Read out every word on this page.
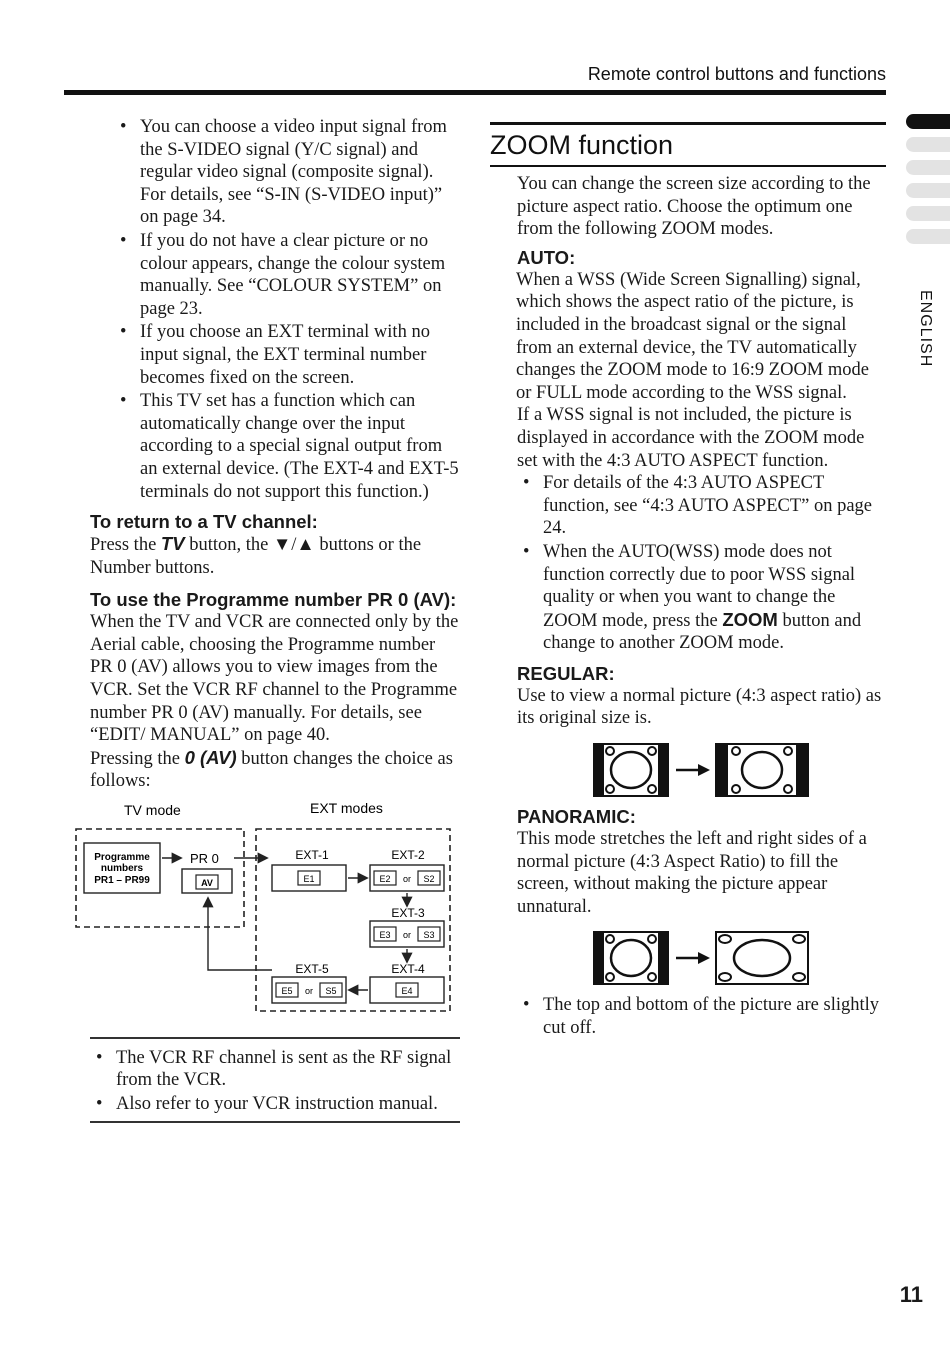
Remote control buttons and functions
ENGLISH
• You can choose a video input signal from the S-VIDEO signal (Y/C signal) and regular video signal (composite signal). For details, see “S-IN (S-VIDEO input)” on page 34.
• If you do not have a clear picture or no colour appears, change the colour system manually. See “COLOUR SYSTEM” on page 23.
• If you choose an EXT terminal with no input signal, the EXT terminal number becomes fixed on the screen.
• This TV set has a function which can automatically change over the input according to a special signal output from an external device. (The EXT-4 and EXT-5 terminals do not support this function.)
To return to a TV channel:
Press the TV button, the ▼/▲ buttons or the Number buttons.
To use the Programme number PR 0 (AV):
When the TV and VCR are connected only by the Aerial cable, choosing the Programme number PR 0 (AV) allows you to view images from the VCR. Set the VCR RF channel to the Programme number PR 0 (AV) manually. For details, see “EDIT/ MANUAL” on page 40.
Pressing the 0 (AV) button changes the choice as follows:
TV mode	EXT modes
Programme
numbers
PR1 – PR99
PR 0
AV
EXT-1
E1
EXT-2
E2 or S2
EXT-3
E3 or S3
EXT-4
E4
EXT-5
E5 or S5
• The VCR RF channel is sent as the RF signal from the VCR.
• Also refer to your VCR instruction manual.
ZOOM function
You can change the screen size according to the picture aspect ratio. Choose the optimum one from the following ZOOM modes.
AUTO:
When a WSS (Wide Screen Signalling) signal, which shows the aspect ratio of the picture, is included in the broadcast signal or the signal from an external device, the TV automatically changes the ZOOM mode to 16:9 ZOOM mode or FULL mode according to the WSS signal.
If a WSS signal is not included, the picture is displayed in accordance with the ZOOM mode set with the 4:3 AUTO ASPECT function.
• For details of the 4:3 AUTO ASPECT function, see “4:3 AUTO ASPECT” on page 24.
• When the AUTO(WSS) mode does not function correctly due to poor WSS signal quality or when you want to change the ZOOM mode, press the ZOOM button and change to another ZOOM mode.
REGULAR:
Use to view a normal picture (4:3 aspect ratio) as its original size is.
PANORAMIC:
This mode stretches the left and right sides of a normal picture (4:3 Aspect Ratio) to fill the screen, without making the picture appear unnatural.
• The top and bottom of the picture are slightly cut off.
11
